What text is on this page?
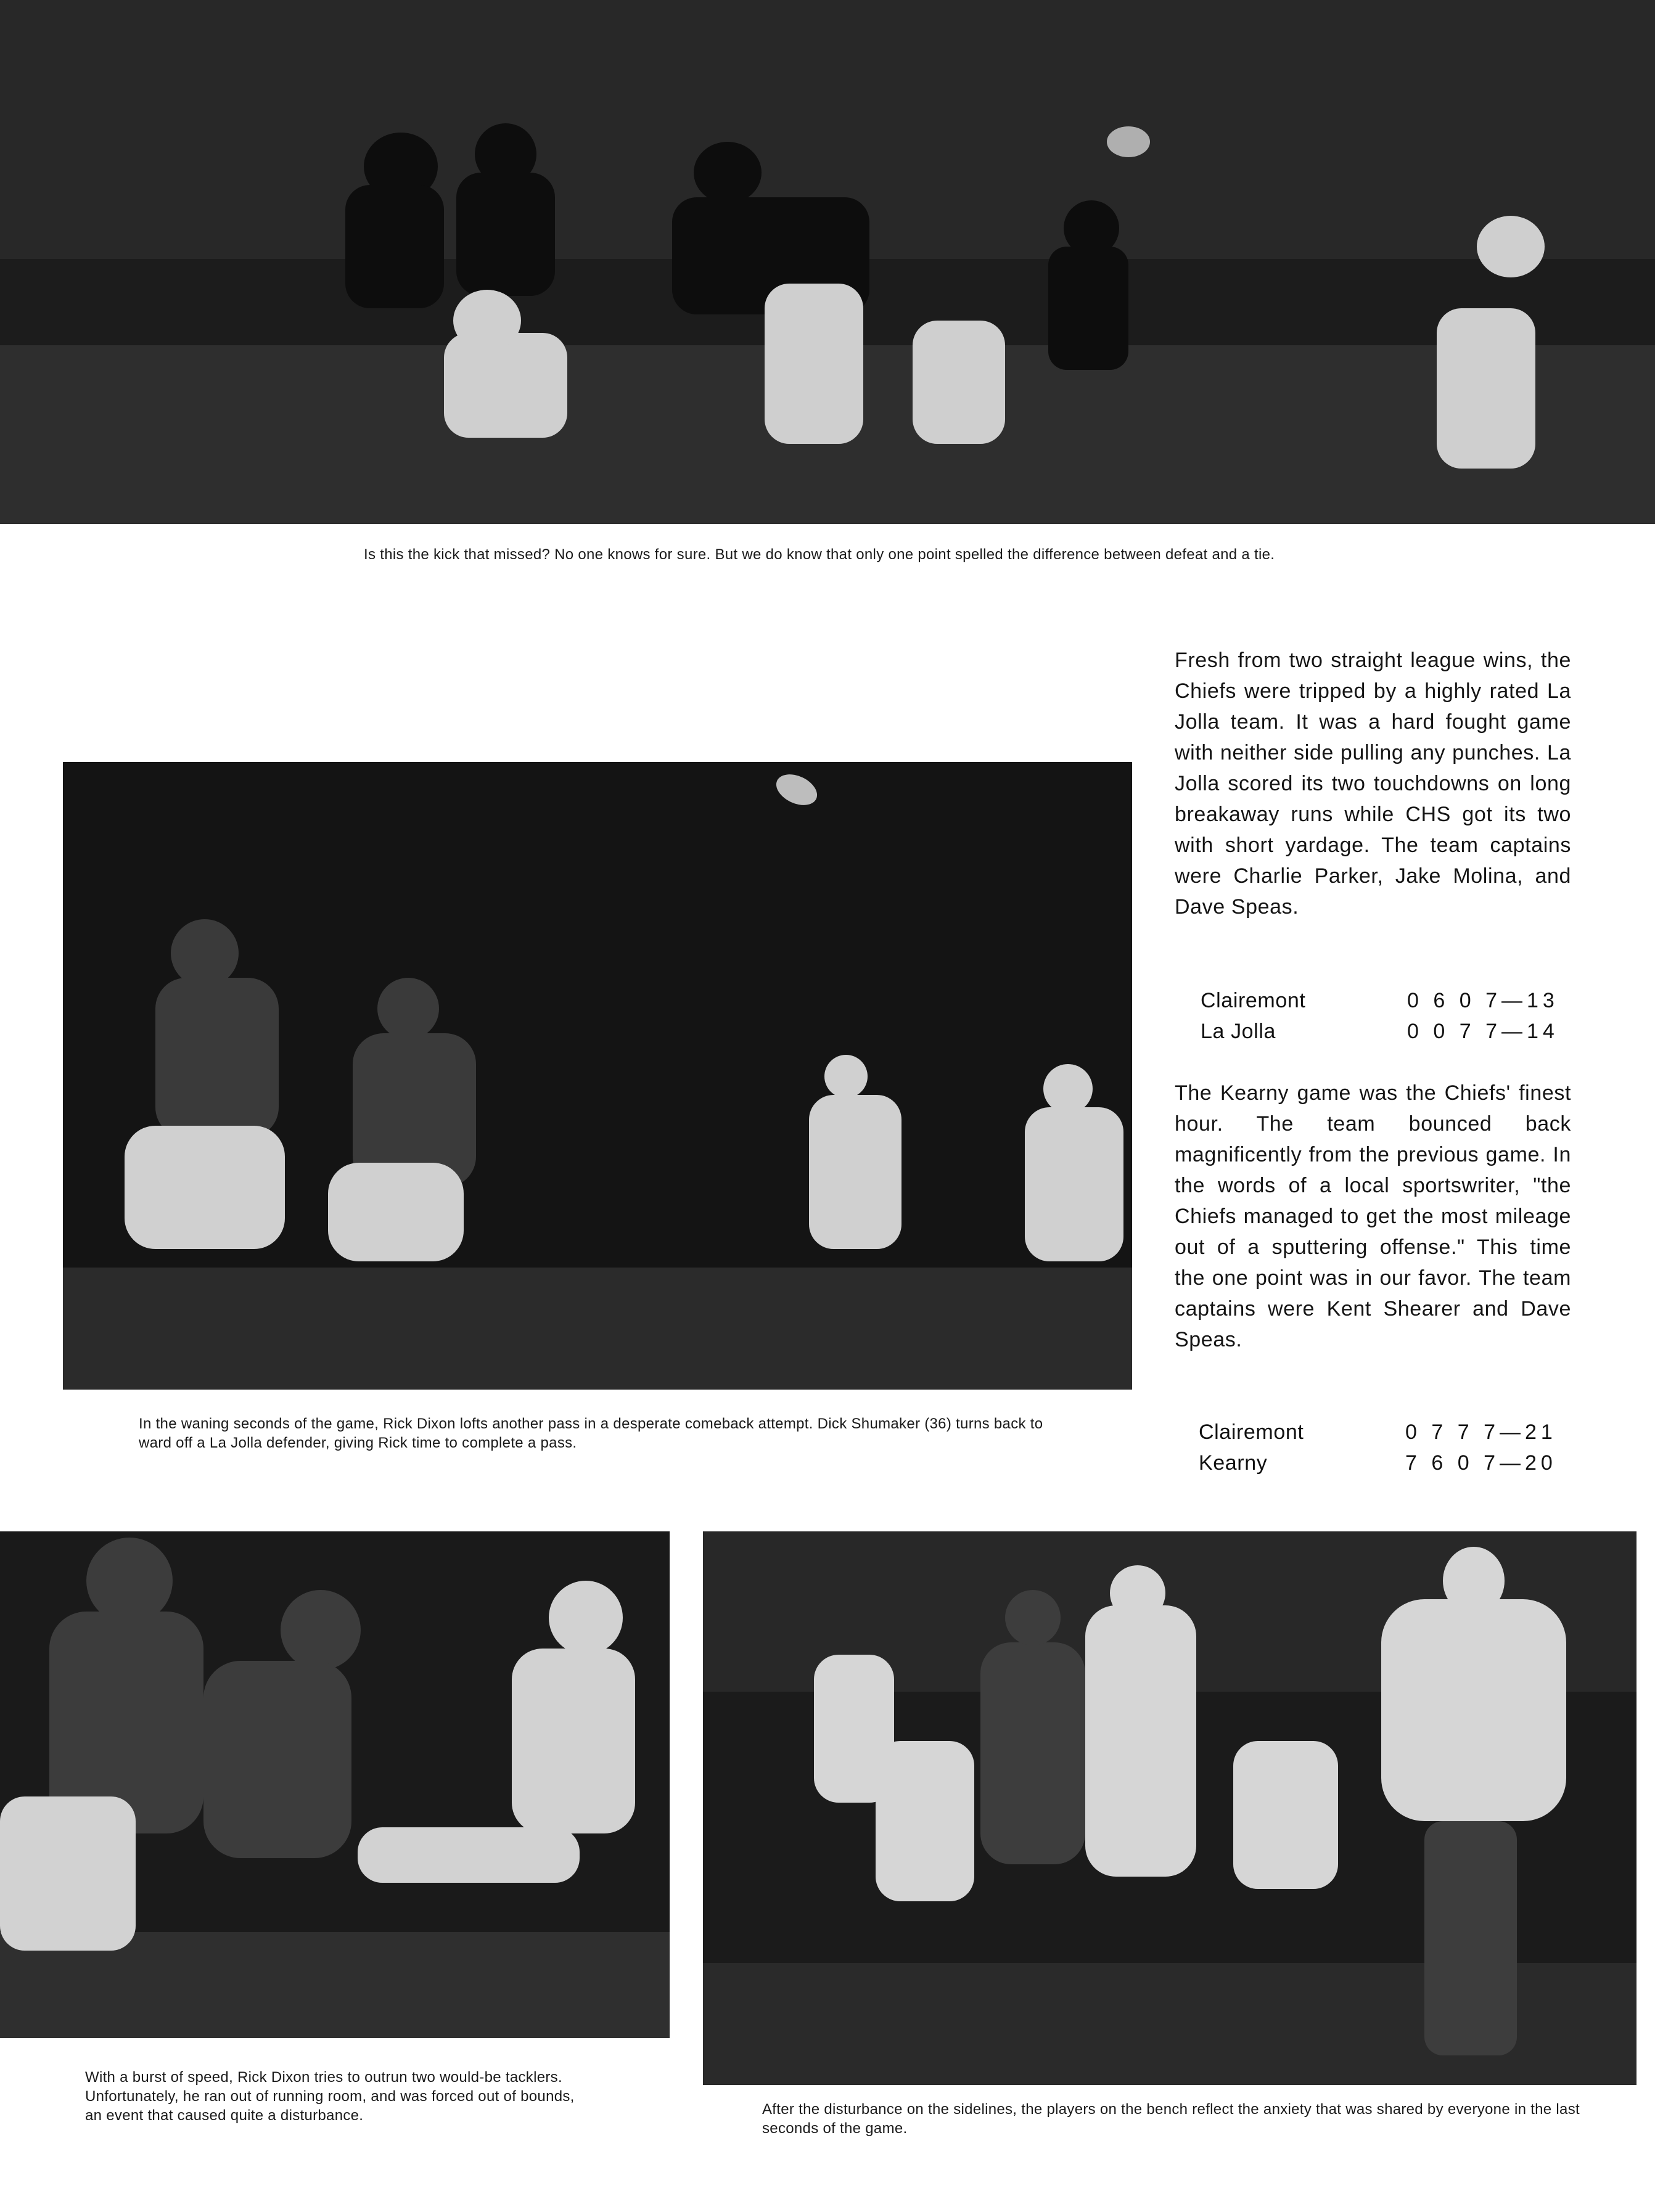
Is this the kick that missed? No one knows for sure. But we do know that only one point spelled the difference between defeat and a tie.
In the waning seconds of the game, Rick Dixon lofts another pass in a desperate comeback attempt. Dick Shumaker (36) turns back to ward off a La Jolla defender, giving Rick time to complete a pass.
Fresh from two straight league wins, the Chiefs were tripped by a highly rated La Jolla team. It was a hard fought game with neither side pulling any punches. La Jolla scored its two touchdowns on long breakaway runs while CHS got its two with short yardage. The team captains were Charlie Parker, Jake Molina, and Dave Speas.
Clairemont	0 6 0 7—13
La Jolla	0 0 7 7—14
The Kearny game was the Chiefs' finest hour. The team bounced back magnificently from the previous game. In the words of a local sportswriter, "the Chiefs managed to get the most mileage out of a sputtering offense." This time the one point was in our favor. The team captains were Kent Shearer and Dave Speas.
Clairemont	0 7 7 7—21
Kearny	7 6 0 7—20
With a burst of speed, Rick Dixon tries to outrun two would-be tacklers. Unfortunately, he ran out of running room, and was forced out of bounds, an event that caused quite a disturbance.	After the disturbance on the sidelines, the players on the bench reflect the anxiety that was shared by everyone in the last seconds of the game.
